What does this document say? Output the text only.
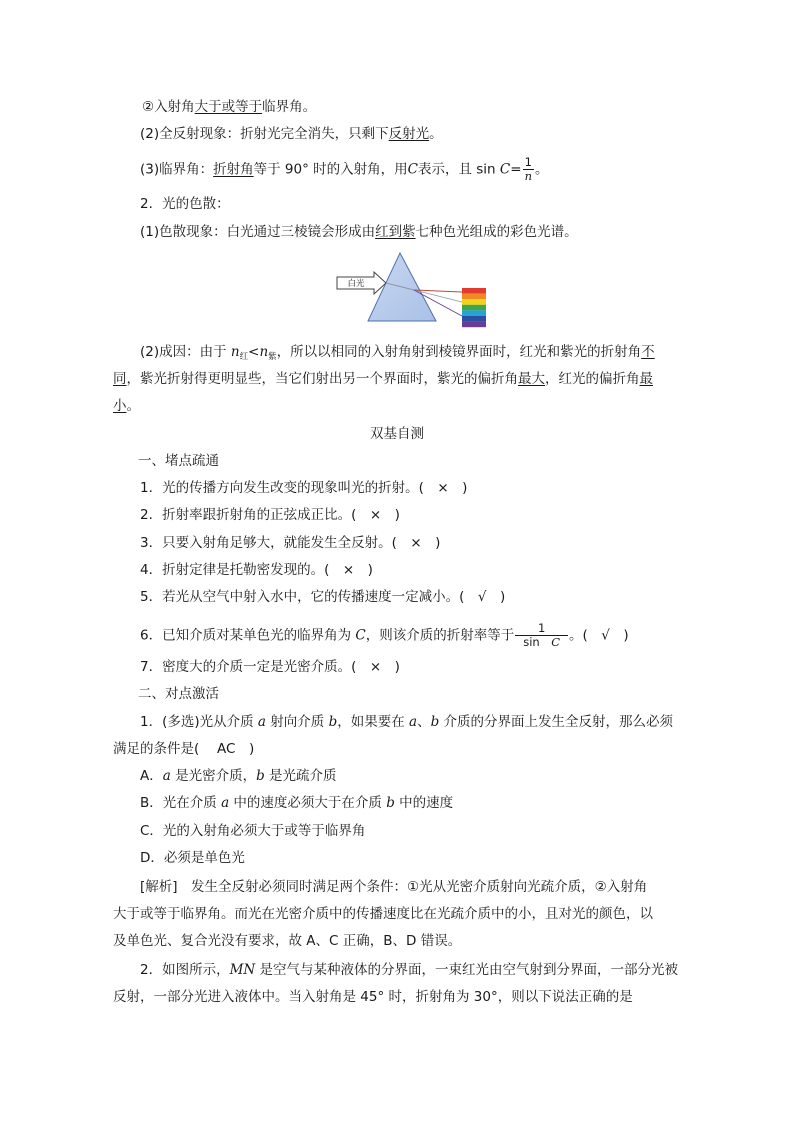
②入射角大于或等于临界角。
(2)全反射现象：折射光完全消失，只剩下反射光。
(3)临界角：折射角等于 90° 时的入射角，用C表示，且 $\sin C= \frac{1}{n}$ 。
2．光的色散：
(1)色散现象：白光通过三棱镜会形成由红到紫七种色光组成的彩色光谱。
白光
(2)成因：由于 $n_红<n_紫$，所以以相同的入射角射到棱镜界面时，红光和紫光的折射角不
同，紫光折射得更明显些，当它们射出另一个界面时，紫光的偏折角最大，红光的偏折角最
小。
双基自测
一、堵点疏通
1．光的传播方向发生改变的现象叫光的折射。(　×　)
2．折射率跟折射角的正弦成正比。(　×　)
3．只要入射角足够大，就能发生全反射。(　×　)
4．折射定律是托勒密发现的。(　×　)
5．若光从空气中射入水中，它的传播速度一定减小。(　√　)
6．已知介质对某单色光的临界角为 C，则该介质的折射率等于 $\frac{1}{\text{sin　C}}$ 。(　√　)
7．密度大的介质一定是光密介质。(　×　)
二、对点激活
1．(多选)光从介质 a 射向介质 b，如果要在 a、b 介质的分界面上发生全反射，那么必须
满足的条件是(　 AC　)
A．a 是光密介质，b 是光疏介质
B．光在介质 a 中的速度必须大于在介质 b 中的速度
C．光的入射角必须大于或等于临界角
D．必须是单色光
[解析]　发生全反射必须同时满足两个条件：①光从光密介质射向光疏介质，②入射角
大于或等于临界角。而光在光密介质中的传播速度比在光疏介质中的小，且对光的颜色，以
及单色光、复合光没有要求，故 A、C 正确，B、D 错误。
2．如图所示，MN 是空气与某种液体的分界面，一束红光由空气射到分界面，一部分光被
反射，一部分光进入液体中。当入射角是 45° 时，折射角为 30°，则以下说法正确的是
